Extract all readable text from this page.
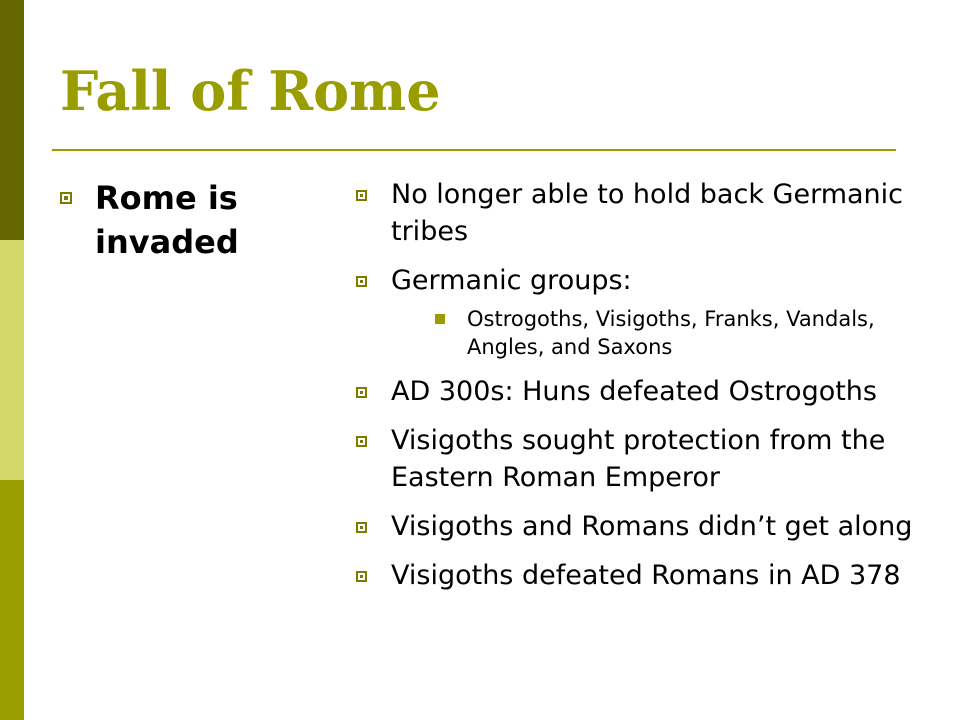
Fall of Rome
Rome is invaded
No longer able to hold back Germanic tribes
Germanic groups:
Ostrogoths, Visigoths, Franks, Vandals, Angles, and Saxons
AD 300s: Huns defeated Ostrogoths
Visigoths sought protection from the Eastern Roman Emperor
Visigoths and Romans didn’t get along
Visigoths defeated Romans in AD 378
